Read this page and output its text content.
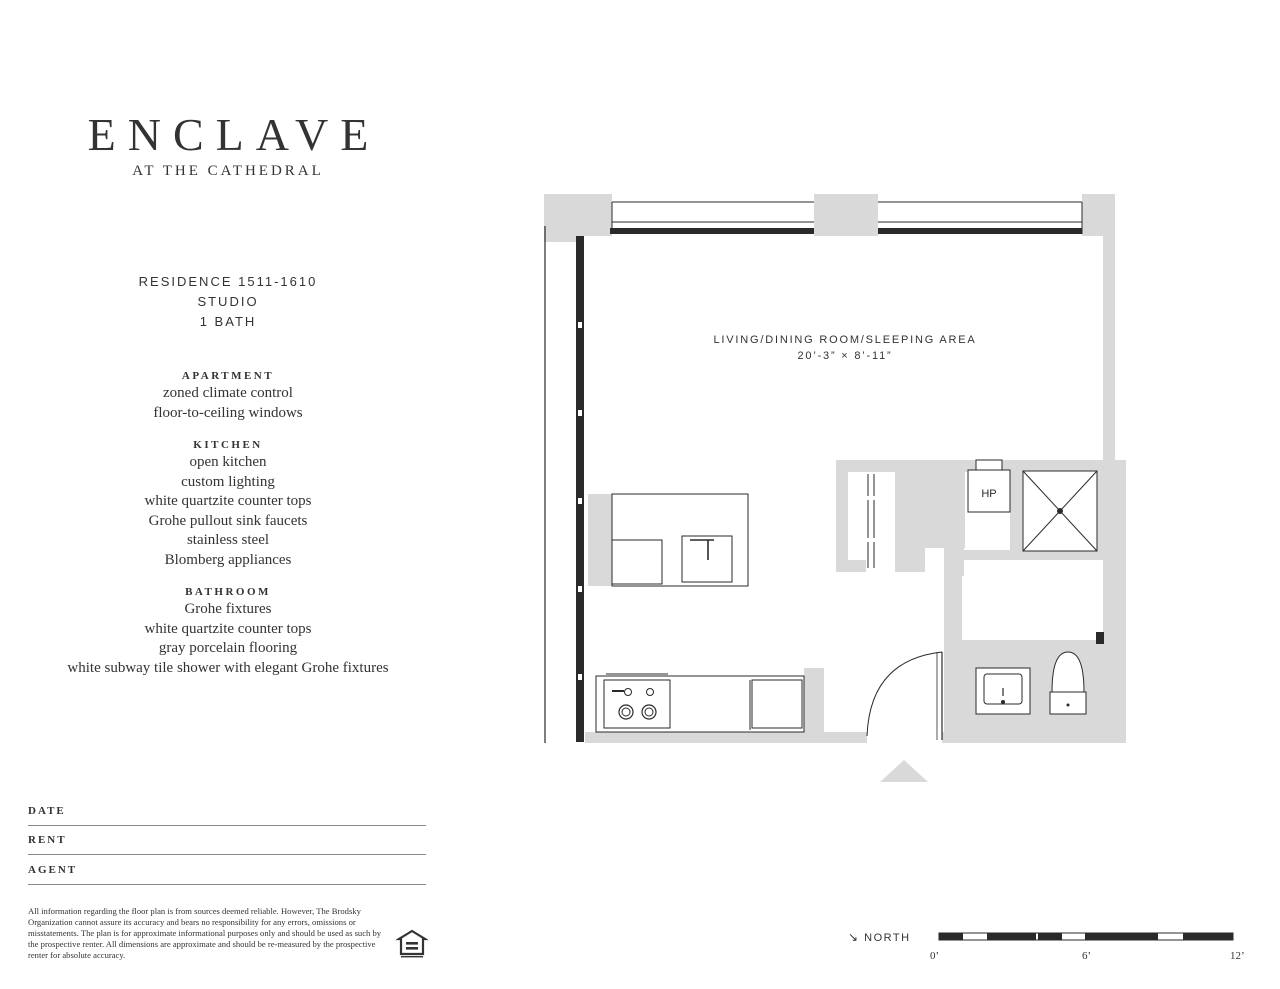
ENCLAVE
AT THE CATHEDRAL
RESIDENCE 1511-1610
STUDIO
1 BATH
APARTMENT
zoned climate control
floor-to-ceiling windows
KITCHEN
open kitchen
custom lighting
white quartzite counter tops
Grohe pullout sink faucets
stainless steel
Blomberg appliances
BATHROOM
Grohe fixtures
white quartzite counter tops
gray porcelain flooring
white subway tile shower with elegant Grohe fixtures
DATE
RENT
AGENT
All information regarding the floor plan is from sources deemed reliable. However, The Brodsky Organization cannot assure its accuracy and bears no responsibility for any errors, omissions or misstatements. The plan is for approximate informational purposes only and should be used as such by the prospective renter. All dimensions are approximate and should be re-measured by the prospective renter for absolute accuracy.
HP
LIVING/DINING ROOM/SLEEPING AREA
20’-3” × 8’-11”
↘ NORTH
0’	6’	12’
